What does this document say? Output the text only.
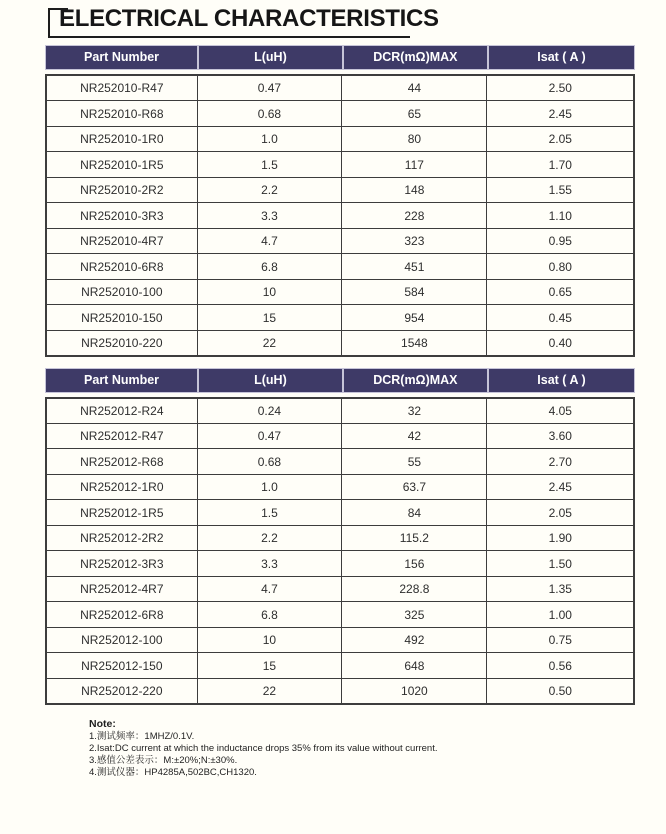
ELECTRICAL CHARACTERISTICS
Part Number	L(uH)	DCR(mΩ)MAX	Isat ( A )
NR252010-R47	0.47	44	2.50
NR252010-R68	0.68	65	2.45
NR252010-1R0	1.0	80	2.05
NR252010-1R5	1.5	117	1.70
NR252010-2R2	2.2	148	1.55
NR252010-3R3	3.3	228	1.10
NR252010-4R7	4.7	323	0.95
NR252010-6R8	6.8	451	0.80
NR252010-100	10	584	0.65
NR252010-150	15	954	0.45
NR252010-220	22	1548	0.40
Part Number	L(uH)	DCR(mΩ)MAX	Isat ( A )
NR252012-R24	0.24	32	4.05
NR252012-R47	0.47	42	3.60
NR252012-R68	0.68	55	2.70
NR252012-1R0	1.0	63.7	2.45
NR252012-1R5	1.5	84	2.05
NR252012-2R2	2.2	115.2	1.90
NR252012-3R3	3.3	156	1.50
NR252012-4R7	4.7	228.8	1.35
NR252012-6R8	6.8	325	1.00
NR252012-100	10	492	0.75
NR252012-150	15	648	0.56
NR252012-220	22	1020	0.50
Note:
1.测试频率：1MHZ/0.1V.
2.Isat:DC current at which the inductance drops 35% from its value without current.
3.感值公差表示：M:±20%;N:±30%.
4.测试仪器：HP4285A,502BC,CH1320.
